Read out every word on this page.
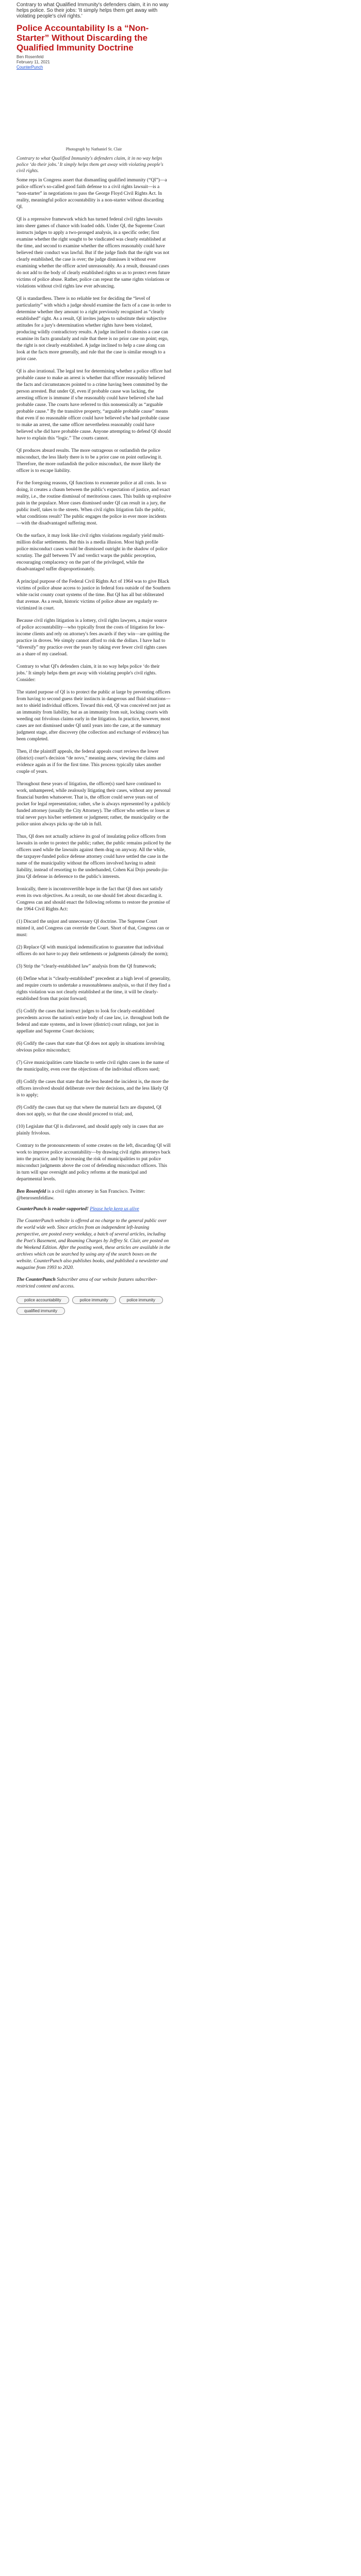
Contrary to what Qualified Immunity's defenders claim, it in no way helps police. So their jobs: 'It simply helps them get away with violating people's civil rights.'
Police Accountability Is a “Non-Starter” Without Discarding the Qualified Immunity Doctrine
Ben Rosenfeld
February 11, 2021
CounterPunch
Photograph by Nathaniel St. Clair
Contrary to what Qualified Immunity's defenders claim, it in no way helps police ‘do their jobs.’ It simply helps them get away with violating people's civil rights.

Some reps in Congress assert that dismantling qualified immunity (“QI”)—a police officer's so-called good faith defense to a civil rights lawsuit—is a “non-starter” in negotiations to pass the George Floyd Civil Rights Act. In reality, meaningful police accountability is a non-starter without discarding QI.

QI is a repressive framework which has turned federal civil rights lawsuits into sheer games of chance with loaded odds. Under QI, the Supreme Court instructs judges to apply a two-pronged analysis, in a specific order; first examine whether the right sought to be vindicated was clearly established at the time, and second to examine whether the officers reasonably could have believed their conduct was lawful. But if the judge finds that the right was not clearly established, the case is over; the judge dismisses it without ever examining whether the officer acted unreasonably. As a result, thousand cases do not add to the body of clearly established rights so as to protect even future victims of police abuse. Rather, police can repeat the same rights violations or violations without civil rights law ever advancing.

QI is standardless. There is no reliable test for deciding the “level of particularity” with which a judge should examine the facts of a case in order to determine whether they amount to a right previously recognized as “clearly established” right. As a result, QI invites judges to substitute their subjective attitudes for a jury's determination whether rights have been violated, producing wildly contradictory results. A judge inclined to dismiss a case can examine its facts granularly and rule that there is no prior case on point; ergo, the right is not clearly established. A judge inclined to help a case along can look at the facts more generally, and rule that the case is similar enough to a prior case.

QI is also irrational. The legal test for determining whether a police officer had probable cause to make an arrest is whether that officer reasonably believed the facts and circumstances pointed to a crime having been committed by the person arrested. But under QI, even if probable cause was lacking, the arresting officer is immune if s/he reasonably could have believed s/he had probable cause. The courts have referred to this nonsensically as “arguable probable cause.” By the transitive property, “arguable probable cause” means that even if no reasonable officer could have believed s/he had probable cause to make an arrest, the same officer nevertheless reasonably could have believed s/he did have probable cause. Anyone attempting to defend QI should have to explain this “logic.” The courts cannot.

QI produces absurd results. The more outrageous or outlandish the police misconduct, the less likely there is to be a prior case on point outlawing it. Therefore, the more outlandish the police misconduct, the more likely the officer is to escape liability.

For the foregoing reasons, QI functions to exonerate police at all costs. In so doing, it creates a chasm between the public's expectation of justice, and exact reality, i.e., the routine dismissal of meritorious cases. This builds up explosive pain in the populace. More cases dismissed under QI can result in a jury, the public itself, takes to the streets. When civil rights litigation fails the public, what conditions result? The public engages the police in ever more incidents—with the disadvantaged suffering most.

On the surface, it may look like civil rights violations regularly yield multi-million dollar settlements. But this is a media illusion. Most high profile police misconduct cases would be dismissed outright in the shadow of police scrutiny. The gulf between TV and verdict warps the public perception, encouraging complacency on the part of the privileged, while the disadvantaged suffer disproportionately.

A principal purpose of the Federal Civil Rights Act of 1964 was to give Black victims of police abuse access to justice in federal fora outside of the Southern white racist county court systems of the time. But QI has all but obliterated that avenue. As a result, historic victims of police abuse are regularly re-victimized in court.

Because civil rights litigation is a lottery, civil rights lawyers, a major source of police accountability—who typically front the costs of litigation for low-income clients and rely on attorney's fees awards if they win—are quitting the practice in droves. We simply cannot afford to risk the dollars. I have had to “diversify” my practice over the years by taking ever fewer civil rights cases as a share of my caseload.

Contrary to what QI's defenders claim, it in no way helps police ‘do their jobs.’ It simply helps them get away with violating people's civil rights. Consider:

The stated purpose of QI is to protect the public at large by preventing officers from having to second guess their instincts in dangerous and fluid situations—not to shield individual officers. Toward this end, QI was conceived not just as an immunity from liability, but as an immunity from suit, locking courts with weeding out frivolous claims early in the litigation. In practice, however, most cases are not dismissed under QI until years into the case, at the summary judgment stage, after discovery (the collection and exchange of evidence) has been completed.

Then, if the plaintiff appeals, the federal appeals court reviews the lower (district) court's decision “de novo,” meaning anew, viewing the claims and evidence again as if for the first time. This process typically takes another couple of years.

Throughout these years of litigation, the officer(s) sued have continued to work, unhampered, while zealously litigating their cases, without any personal financial burden whatsoever. That is, the officer could serve years out of pocket for legal representation; rather, s/he is always represented by a publicly funded attorney (usually the City Attorney). The officer who settles or loses at trial never pays his/her settlement or judgment; rather, the municipality or the police union always picks up the tab in full.

Thus, QI does not actually achieve its goal of insulating police officers from lawsuits in order to protect the public; rather, the public remains policed by the officers used while the lawsuits against them drag on anyway. All the while, the taxpayer-funded police defense attorney could have settled the case in the name of the municipality without the officers involved having to admit liability, instead of resorting to the underhanded, Cohen Kai Dojo pseudo-jiu-jitsu QI defense in deference to the public's interests.

Ironically, there is incontrovertible hope in the fact that QI does not satisfy even its own objectives. As a result, no one should fret about discarding it. Congress can and should enact the following reforms to restore the promise of the 1964 Civil Rights Act:

(1) Discard the unjust and unnecessary QI doctrine. The Supreme Court minted it, and Congress can override the Court. Short of that, Congress can or must:

(2) Replace QI with municipal indemnification to guarantee that individual officers do not have to pay their settlements or judgments (already the norm);

(3) Strip the “clearly-established law” analysis from the QI framework;

(4) Define what is “clearly-established” precedent at a high level of generality, and require courts to undertake a reasonableness analysis, so that if they find a rights violation was not clearly established at the time, it will be clearly-established from that point forward;

(5) Codify the cases that instruct judges to look for clearly-established precedents across the nation's entire body of case law, i.e. throughout both the federal and state systems, and in lower (district) court rulings, not just in appellate and Supreme Court decisions;

(6) Codify the cases that state that QI does not apply in situations involving obvious police misconduct;

(7) Give municipalities carte blanche to settle civil rights cases in the name of the municipality, even over the objections of the individual officers sued;

(8) Codify the cases that state that the less heated the incident is, the more the officers involved should deliberate over their decisions, and the less likely QI is to apply;

(9) Codify the cases that say that where the material facts are disputed, QI does not apply, so that the case should proceed to trial; and,

(10) Legislate that QI is disfavored, and should apply only in cases that are plainly frivolous.

Contrary to the pronouncements of some creates on the left, discarding QI will work to improve police accountability—by drawing civil rights attorneys back into the practice, and by increasing the risk of municipalities to put police misconduct judgments above the cost of defending misconduct officers. This in turn will spur oversight and policy reforms at the municipal and departmental levels.

Ben Rosenfeld is a civil rights attorney in San Francisco. Twitter: @benrosenfeldlaw.

CounterPunch is reader-supported! Please help keep us alive

The CounterPunch website is offered at no charge to the general public over the world wide web. Since articles from an independent left-leaning perspective, are posted every weekday, a batch of several articles, including the Poet's Basement, and Roaming Charges by Jeffrey St. Clair, are posted on the Weekend Edition. After the posting week, these articles are available in the archives which can be searched by using any of the search boxes on the website. CounterPunch also publishes books, and published a newsletter and magazine from 1993 to 2020.

The CounterPunch Subscriber area of our website features subscriber-restricted content and access.

police accountability	police immunity	police immunity
qualified immunity
